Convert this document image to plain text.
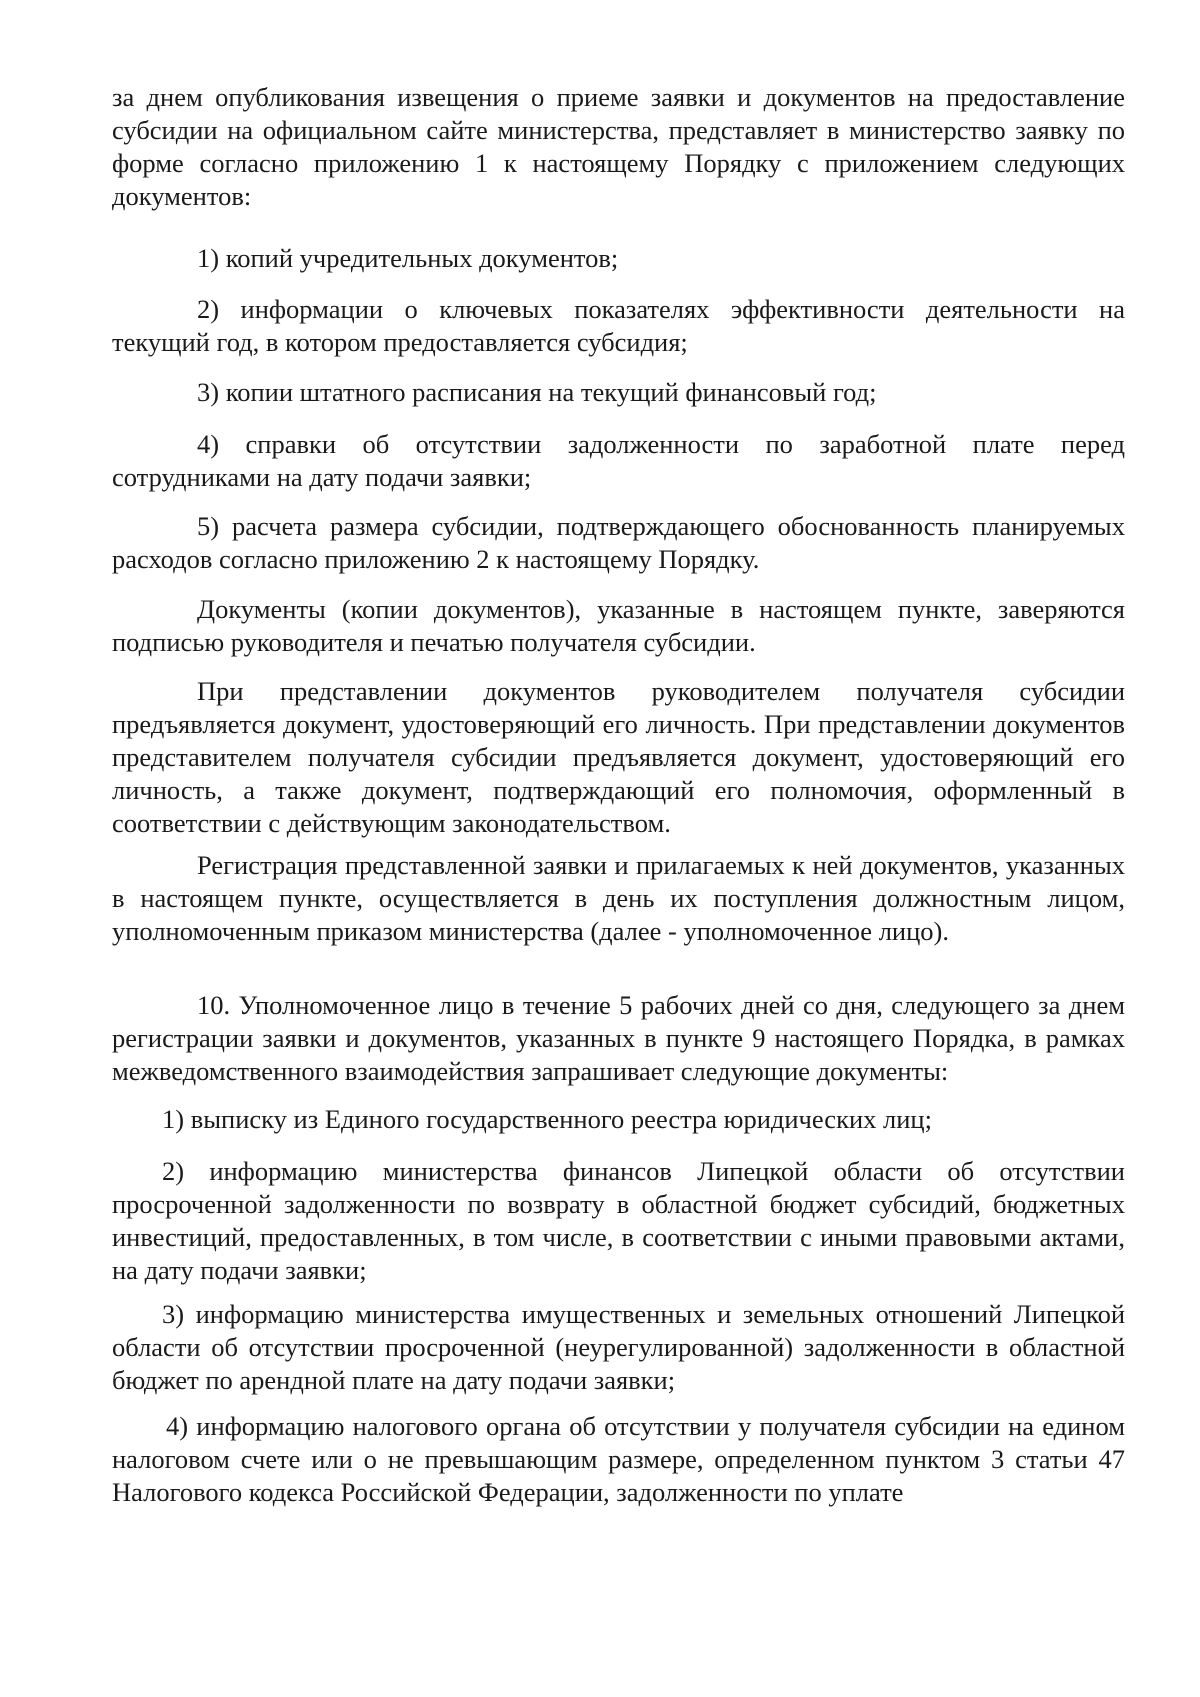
за днем опубликования извещения о приеме заявки и документов на предоставление субсидии на официальном сайте министерства, представляет в министерство заявку по форме согласно приложению 1 к настоящему Порядку с приложением следующих документов:

1) копий учредительных документов;

2) информации о ключевых показателях эффективности деятельности на текущий год, в котором предоставляется субсидия;

3) копии штатного расписания на текущий финансовый год;

4) справки об отсутствии задолженности по заработной плате перед сотрудниками на дату подачи заявки;

5) расчета размера субсидии, подтверждающего обоснованность планируемых расходов согласно приложению 2 к настоящему Порядку.

Документы (копии документов), указанные в настоящем пункте, заверяются подписью руководителя и печатью получателя субсидии.

При представлении документов руководителем получателя субсидии предъявляется документ, удостоверяющий его личность. При представлении документов представителем получателя субсидии предъявляется документ, удостоверяющий его личность, а также документ, подтверждающий его полномочия, оформленный в соответствии с действующим законодательством.

Регистрация представленной заявки и прилагаемых к ней документов, указанных в настоящем пункте, осуществляется в день их поступления должностным лицом, уполномоченным приказом министерства (далее - уполномоченное лицо).

10. Уполномоченное лицо в течение 5 рабочих дней со дня, следующего за днем регистрации заявки и документов, указанных в пункте 9 настоящего Порядка, в рамках межведомственного взаимодействия запрашивает следующие документы:

1) выписку из Единого государственного реестра юридических лиц;

2) информацию министерства финансов Липецкой области об отсутствии просроченной задолженности по возврату в областной бюджет субсидий, бюджетных инвестиций, предоставленных, в том числе, в соответствии с иными правовыми актами, на дату подачи заявки;

3) информацию министерства имущественных и земельных отношений Липецкой области об отсутствии просроченной (неурегулированной) задолженности в областной бюджет по арендной плате на дату подачи заявки;

4) информацию налогового органа об отсутствии у получателя субсидии на едином налоговом счете или о не превышающим размере, определенном пунктом 3 статьи 47 Налогового кодекса Российской Федерации, задолженности по уплате
